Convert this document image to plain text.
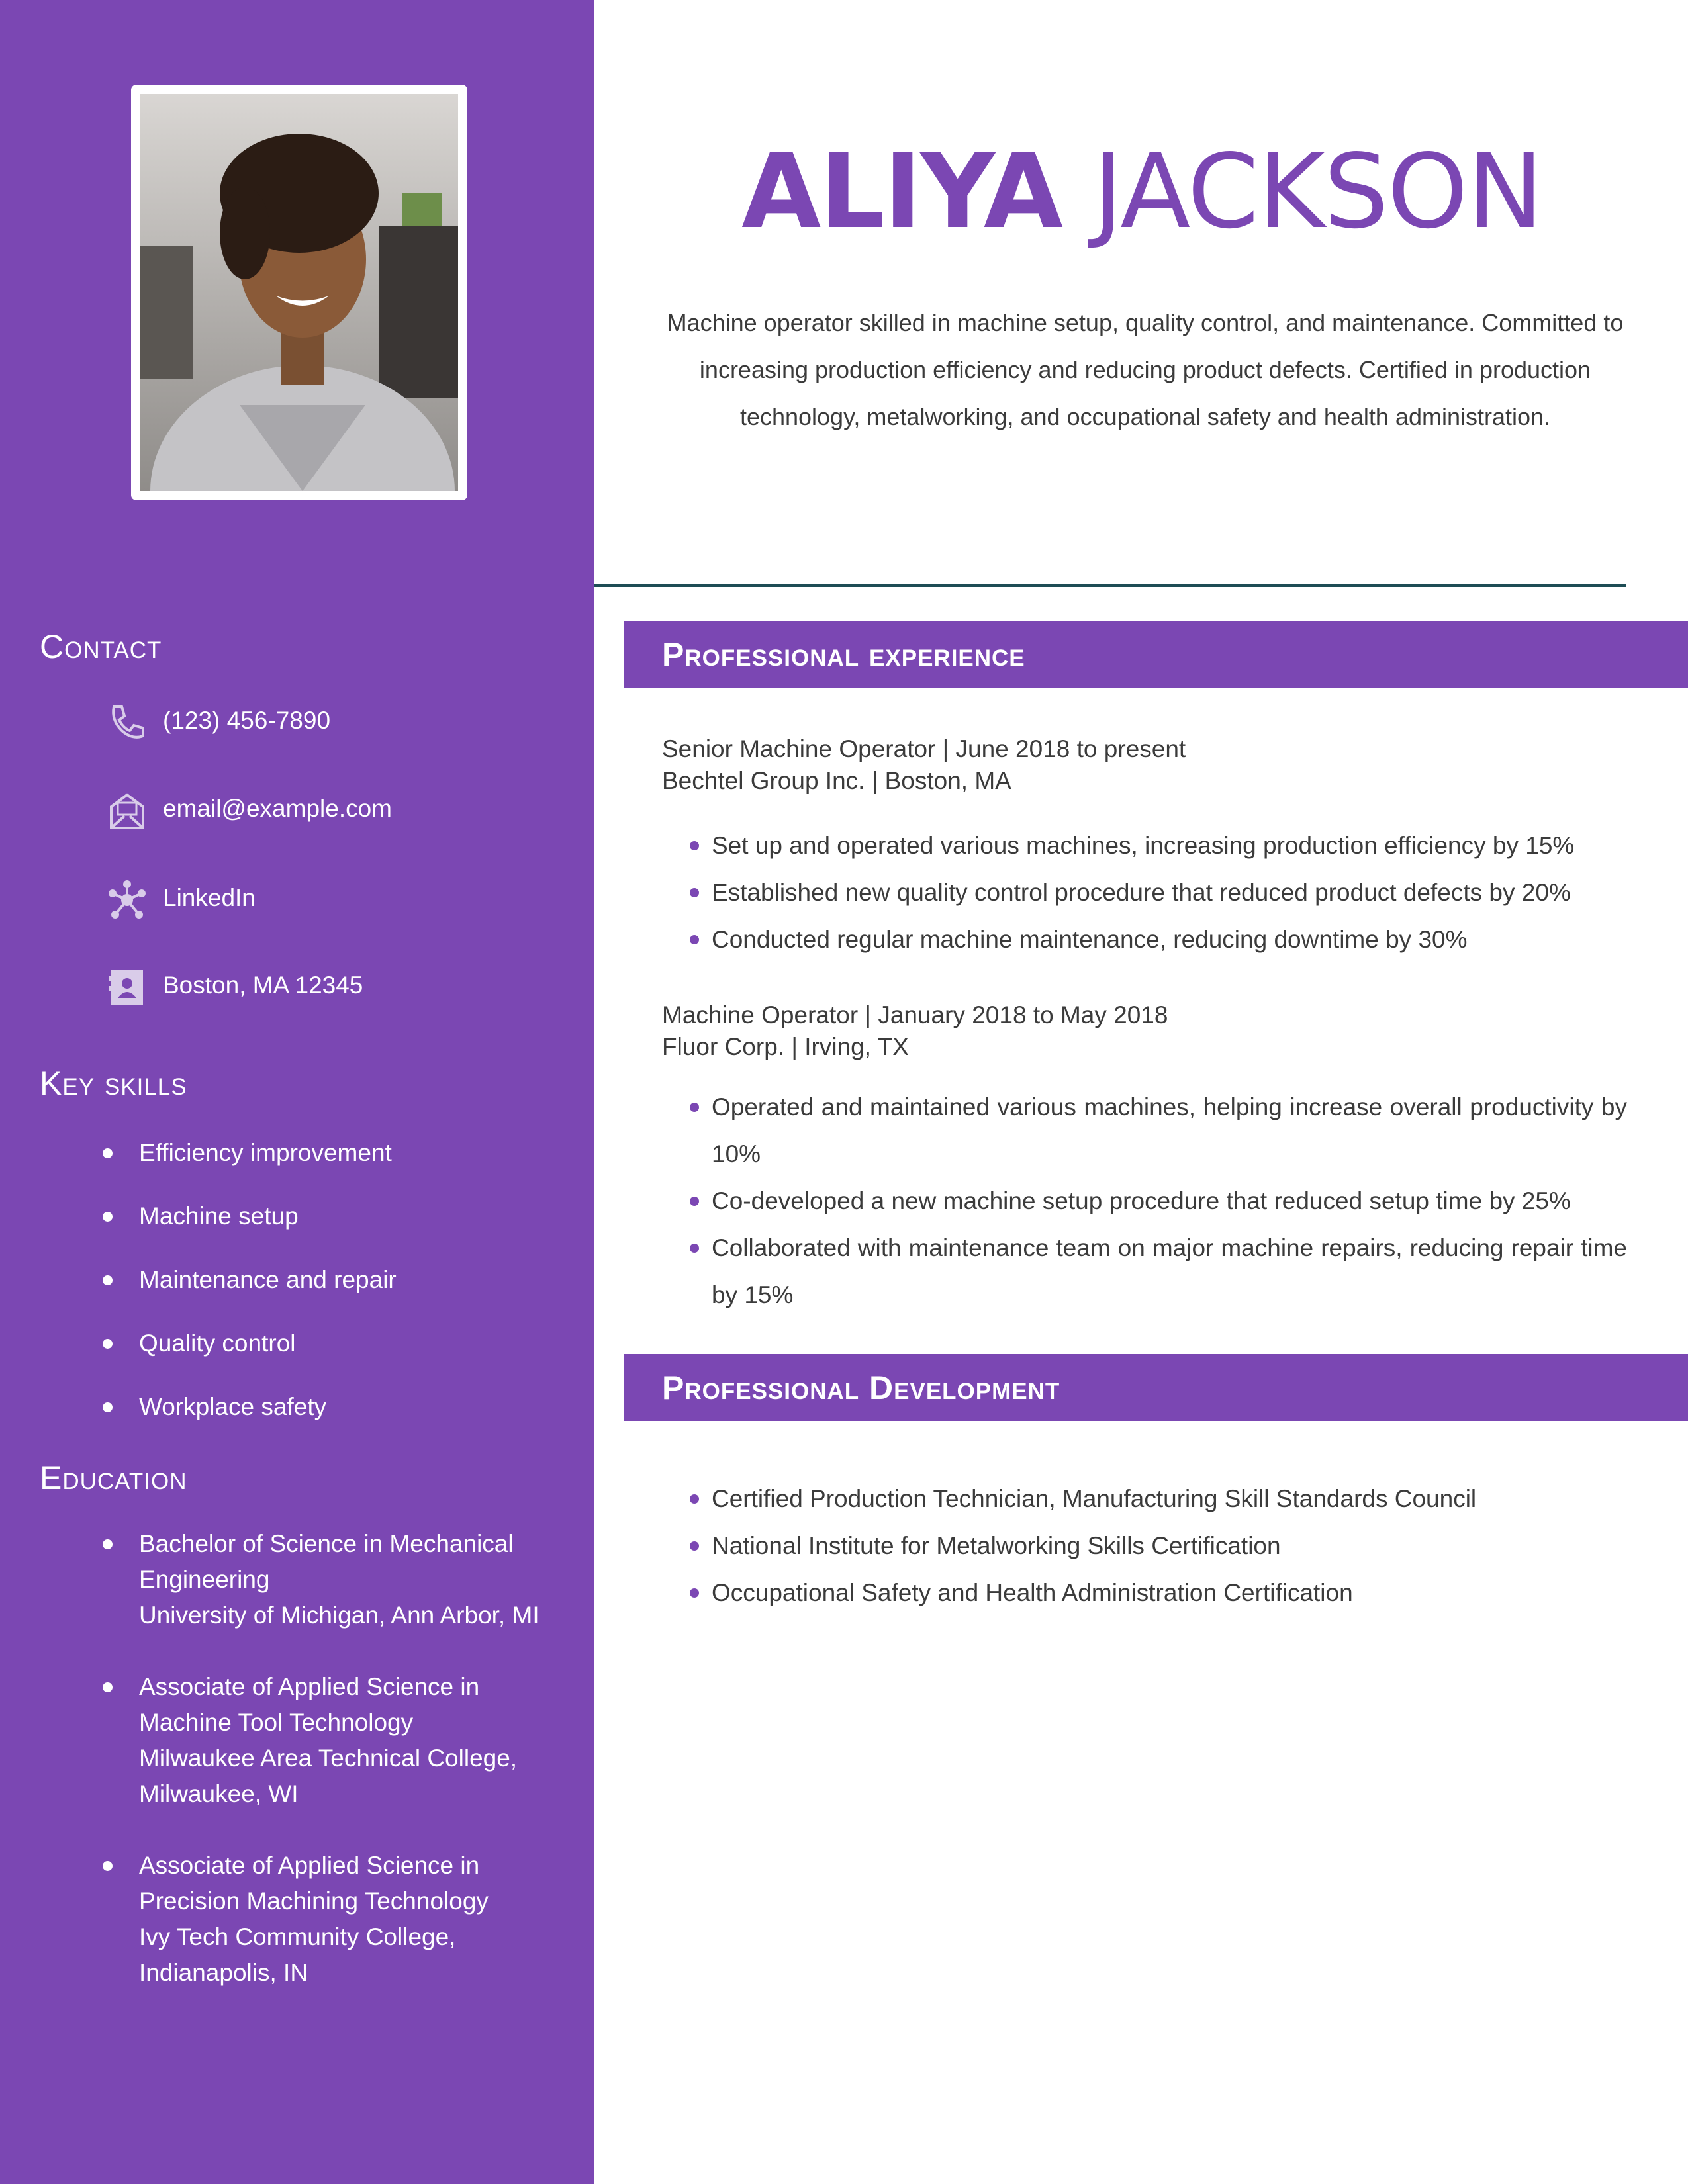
Contact
(123) 456-7890
email@example.com
LinkedIn
Boston, MA 12345
Key skills
Efficiency improvement
Machine setup
Maintenance and repair
Quality control
Workplace safety
Education
Bachelor of Science in Mechanical Engineering
University of Michigan, Ann Arbor, MI
Associate of Applied Science in Machine Tool Technology
Milwaukee Area Technical College, Milwaukee, WI
Associate of Applied Science in Precision Machining Technology
Ivy Tech Community College, Indianapolis, IN
ALIYA JACKSON
Machine operator skilled in machine setup, quality control, and maintenance. Committed to increasing production efficiency and reducing product defects. Certified in production technology, metalworking, and occupational safety and health administration.
Professional experience
Senior Machine Operator | June 2018 to present
Bechtel Group Inc. | Boston, MA
Set up and operated various machines, increasing production efficiency by 15%
Established new quality control procedure that reduced product defects by 20%
Conducted regular machine maintenance, reducing downtime by 30%
Machine Operator | January 2018 to May 2018
Fluor Corp. | Irving, TX
Operated and maintained various machines, helping increase overall productivity by 10%
Co-developed a new machine setup procedure that reduced setup time by 25%
Collaborated with maintenance team on major machine repairs, reducing repair time by 15%
Professional Development
Certified Production Technician, Manufacturing Skill Standards Council
National Institute for Metalworking Skills Certification
Occupational Safety and Health Administration Certification
